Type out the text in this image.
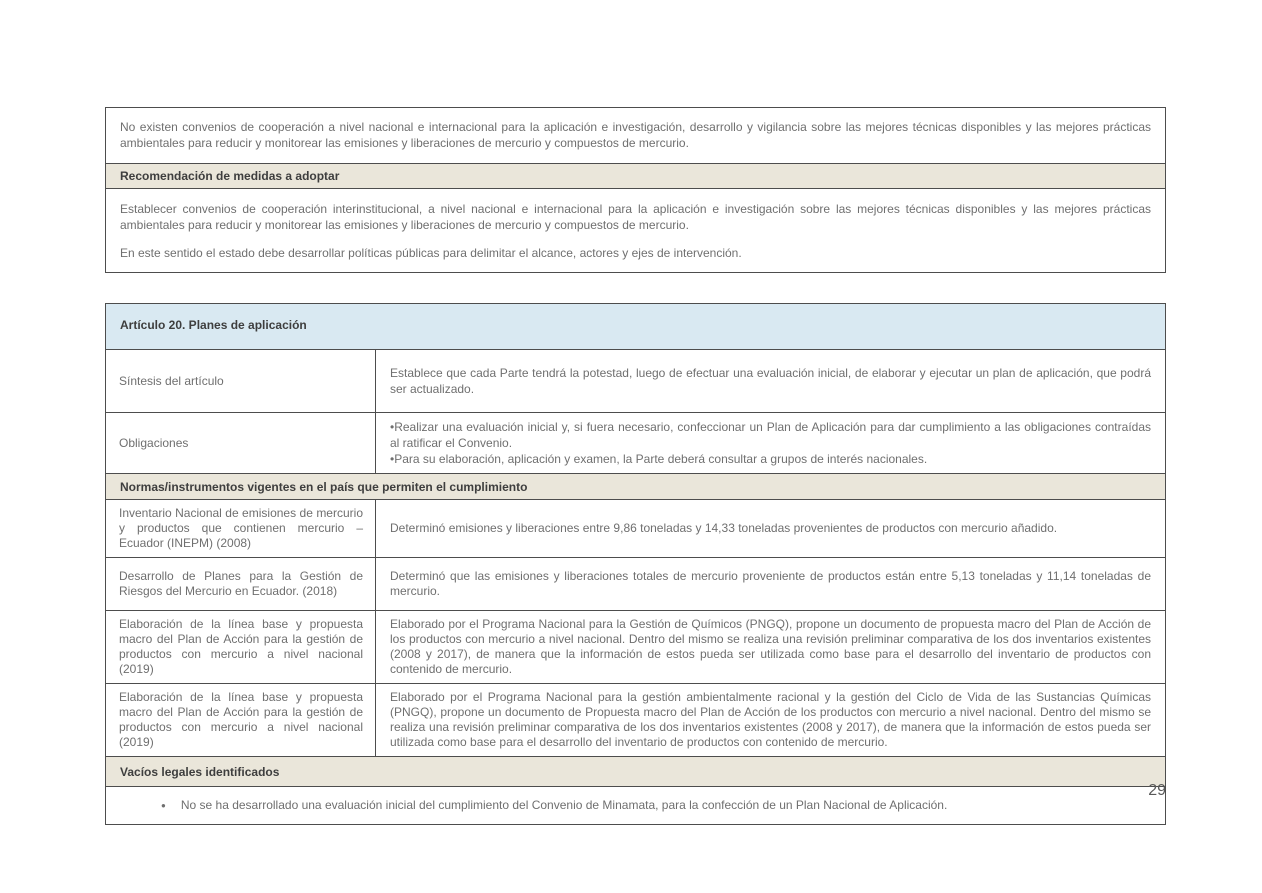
No existen convenios de cooperación a nivel nacional e internacional para la aplicación e investigación, desarrollo y vigilancia sobre las mejores técnicas disponibles y las mejores prácticas ambientales para reducir y monitorear las emisiones y liberaciones de mercurio y compuestos de mercurio.
Recomendación de medidas a adoptar
Establecer convenios de cooperación interinstitucional, a nivel nacional e internacional para la aplicación e investigación sobre las mejores técnicas disponibles y las mejores prácticas ambientales para reducir y monitorear las emisiones y liberaciones de mercurio y compuestos de mercurio.
En este sentido el estado debe desarrollar políticas públicas para delimitar el alcance, actores y ejes de intervención.
Artículo 20. Planes de aplicación
Síntesis del artículo
Establece que cada Parte tendrá la potestad, luego de efectuar una evaluación inicial, de elaborar y ejecutar un plan de aplicación, que podrá ser actualizado.
Obligaciones
• Realizar una evaluación inicial y, si fuera necesario, confeccionar un Plan de Aplicación para dar cumplimiento a las obligaciones contraídas al ratificar el Convenio.
• Para su elaboración, aplicación y examen, la Parte deberá consultar a grupos de interés nacionales.
Normas/instrumentos vigentes en el país que permiten el cumplimiento
Inventario Nacional de emisiones de mercurio y productos que contienen mercurio – Ecuador (INEPM) (2008)
Determinó emisiones y liberaciones entre 9,86 toneladas y 14,33 toneladas provenientes de productos con mercurio añadido.
Desarrollo de Planes para la Gestión de Riesgos del Mercurio en Ecuador. (2018)
Determinó que las emisiones y liberaciones totales de mercurio proveniente de productos están entre 5,13 toneladas y 11,14 toneladas de mercurio.
Elaboración de la línea base y propuesta macro del Plan de Acción para la gestión de productos con mercurio a nivel nacional (2019)
Elaborado por el Programa Nacional para la Gestión de Químicos (PNGQ), propone un documento de propuesta macro del Plan de Acción de los productos con mercurio a nivel nacional. Dentro del mismo se realiza una revisión preliminar comparativa de los dos inventarios existentes (2008 y 2017), de manera que la información de estos pueda ser utilizada como base para el desarrollo del inventario de productos con contenido de mercurio.
Elaboración de la línea base y propuesta macro del Plan de Acción para la gestión de productos con mercurio a nivel nacional (2019)
Elaborado por el Programa Nacional para la gestión ambientalmente racional y la gestión del Ciclo de Vida de las Sustancias Químicas (PNGQ), propone un documento de Propuesta macro del Plan de Acción de los productos con mercurio a nivel nacional. Dentro del mismo se realiza una revisión preliminar comparativa de los dos inventarios existentes (2008 y 2017), de manera que la información de estos pueda ser utilizada como base para el desarrollo del inventario de productos con contenido de mercurio.
Vacíos legales identificados
● No se ha desarrollado una evaluación inicial del cumplimiento del Convenio de Minamata, para la confección de un Plan Nacional de Aplicación.
29
